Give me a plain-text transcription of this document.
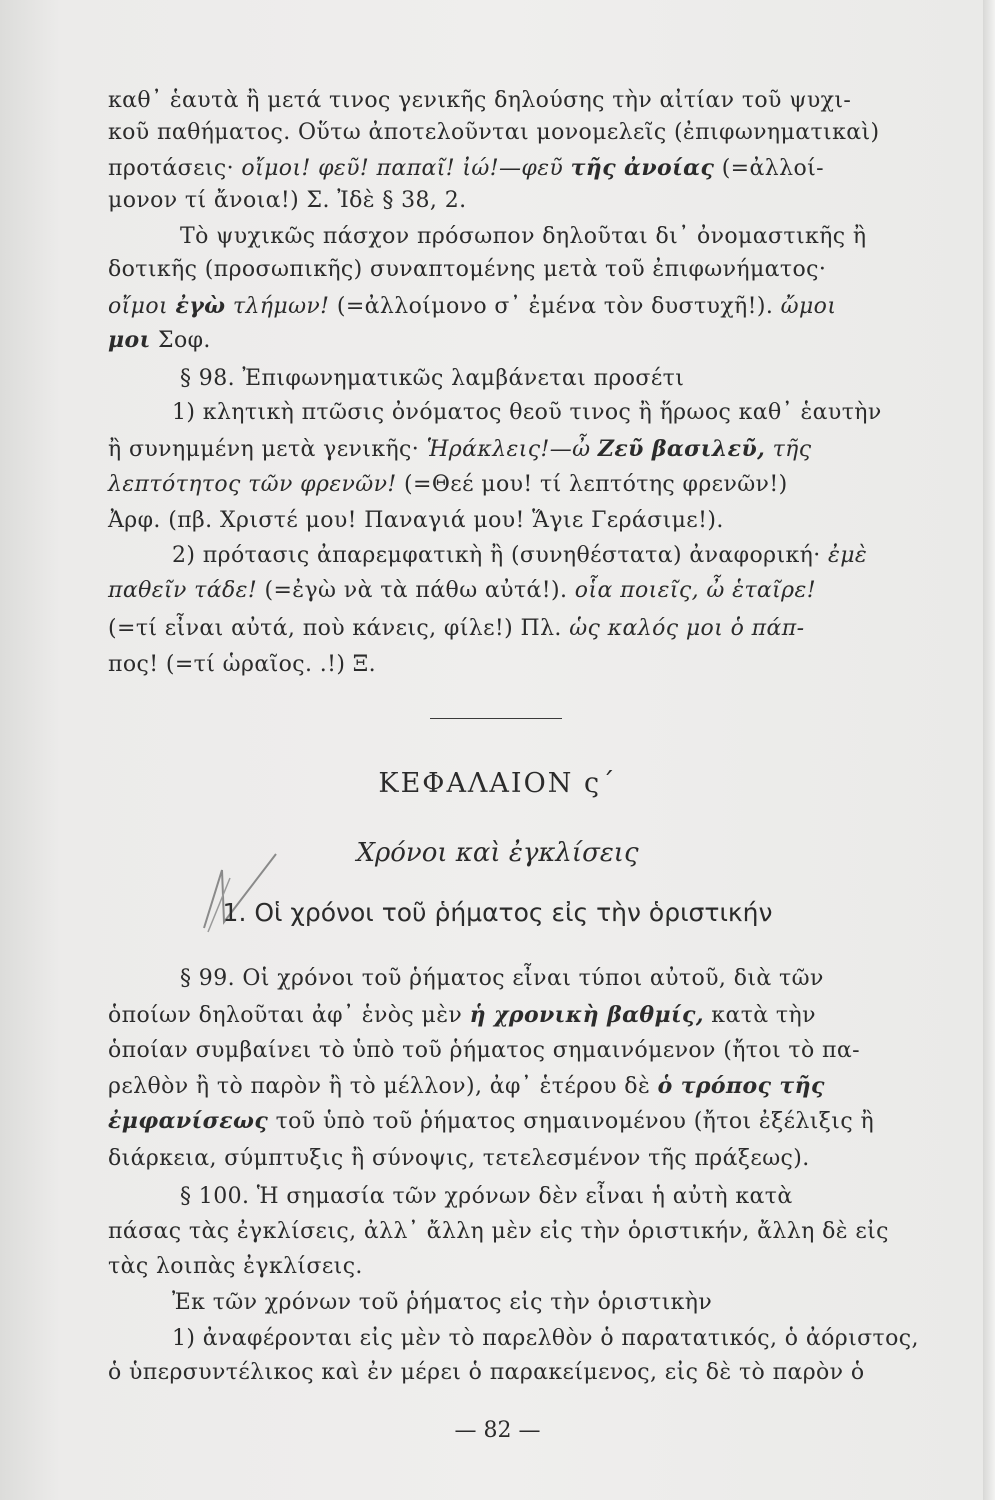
καθ᾽ ἑαυτὰ ἢ μετά τινος γενικῆς δηλούσης τὴν αἰτίαν τοῦ ψυχι-
κοῦ παθήματος. Οὕτω ἀποτελοῦνται μονομελεῖς (ἐπιφωνηματικαὶ)
προτάσεις· οἴμοι! φεῦ! παπαῖ! ἰώ!—φεῦ τῆς ἀνοίας (=ἀλλοί-
μονον τί ἄνοια!) Σ. Ἰδὲ § 38, 2.
Τὸ ψυχικῶς πάσχον πρόσωπον δηλοῦται δι᾽ ὀνομαστικῆς ἢ
δοτικῆς (προσωπικῆς) συναπτομένης μετὰ τοῦ ἐπιφωνήματος·
οἴμοι ἐγὼ τλήμων! (=ἀλλοίμονο σ᾽ ἐμένα τὸν δυστυχῆ!). ὤμοι
μοι Σοφ.
§ 98. Ἐπιφωνηματικῶς λαμβάνεται προσέτι
1) κλητικὴ πτῶσις ὀνόματος θεοῦ τινος ἢ ἥρωος καθ᾽ ἑαυτὴν
ἢ συνημμένη μετὰ γενικῆς· Ἡράκλεις!—ὦ Ζεῦ βασιλεῦ, τῆς
λεπτότητος τῶν φρενῶν! (=Θεέ μου! τί λεπτότης φρενῶν!)
Ἀρφ. (πβ. Χριστέ μου! Παναγιά μου! Ἅγιε Γεράσιμε!).
2) πρότασις ἀπαρεμφατικὴ ἢ (συνηθέστατα) ἀναφορική· ἐμὲ
παθεῖν τάδε! (=ἐγὼ νὰ τὰ πάθω αὐτά!). οἷα ποιεῖς, ὦ ἑταῖρε!
(=τί εἶναι αὐτά, ποὺ κάνεις, φίλε!) Πλ. ὡς καλός μοι ὁ πάπ-
πος! (=τί ὡραῖος. .!) Ξ.
ΚΕΦΑΛΑΙΟΝ ς΄
Χρόνοι καὶ ἐγκλίσεις
1. Οἱ χρόνοι τοῦ ῥήματος εἰς τὴν ὁριστικήν
§ 99. Οἱ χρόνοι τοῦ ῥήματος εἶναι τύποι αὐτοῦ, διὰ τῶν
ὁποίων δηλοῦται ἀφ᾽ ἑνὸς μὲν ἡ χρονικὴ βαθμίς, κατὰ τὴν
ὁποίαν συμβαίνει τὸ ὑπὸ τοῦ ῥήματος σημαινόμενον (ἤτοι τὸ πα-
ρελθὸν ἢ τὸ παρὸν ἢ τὸ μέλλον), ἀφ᾽ ἑτέρου δὲ ὁ τρόπος τῆς
ἐμφανίσεως τοῦ ὑπὸ τοῦ ῥήματος σημαινομένου (ἤτοι ἐξέλιξις ἢ
διάρκεια, σύμπτυξις ἢ σύνοψις, τετελεσμένον τῆς πράξεως).
§ 100. Ἡ σημασία τῶν χρόνων δὲν εἶναι ἡ αὐτὴ κατὰ
πάσας τὰς ἐγκλίσεις, ἀλλ᾽ ἄλλη μὲν εἰς τὴν ὁριστικήν, ἄλλη δὲ εἰς
τὰς λοιπὰς ἐγκλίσεις.
Ἐκ τῶν χρόνων τοῦ ῥήματος εἰς τὴν ὁριστικὴν
1) ἀναφέρονται εἰς μὲν τὸ παρελθὸν ὁ παρατατικός, ὁ ἀόριστος,
ὁ ὑπερσυντέλικος καὶ ἐν μέρει ὁ παρακείμενος, εἰς δὲ τὸ παρὸν ὁ
— 82 —
